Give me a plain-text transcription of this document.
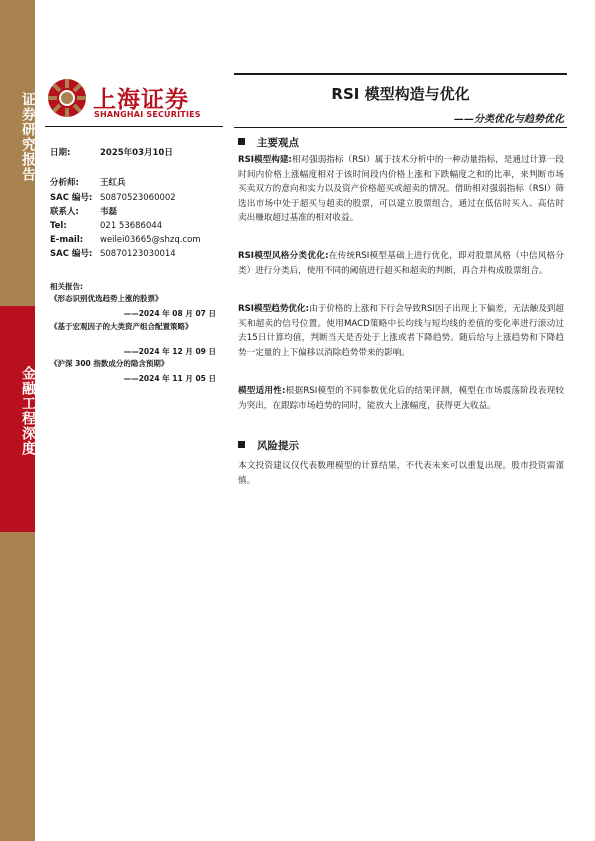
证券研究报告
金融工程深度
上海证券
SHANGHAI SECURITIES
RSI 模型构造与优化
——分类优化与趋势优化
日期:	2025年03月10日
分析师: 王红兵
SAC 编号: S0870523060002
联系人: 韦磊
Tel:	021 53686044
E-mail: weilei03665@shzq.com
SAC 编号: S0870123030014
相关报告:
《形态识别优选趋势上涨的股票》
——2024 年 08 月 07 日
《基于宏观因子的大类资产组合配置策略》
——2024 年 12 月 09 日
《沪深 300 指数成分的隐含预期》
——2024 年 11 月 05 日
主要观点
RSI模型构建:相对强弱指标（RSI）属于技术分析中的一种动量指标，是通过计算一段时间内价格上涨幅度相对于该时间段内价格上涨和下跌幅度之和的比率，来判断市场买卖双方的意向和实力以及资产价格超买或超卖的情况。借助相对强弱指标（RSI）筛选出市场中处于超买与超卖的股票，可以建立股票组合，通过在低估时买入、高估时卖出赚取超过基准的相对收益。
RSI模型风格分类优化:在传统RSI模型基础上进行优化，即对股票风格（中信风格分类）进行分类后，使用不同的阈值进行超买和超卖的判断，再合并构成股票组合。
RSI模型趋势优化:由于价格的上涨和下行会导致RSI因子出现上下偏差，无法触及到超买和超卖的信号位置。使用MACD策略中长均线与短均线的差值的变化率进行滚动过去15日计算均值，判断当天是否处于上涨或者下降趋势。随后给与上涨趋势和下降趋势一定量的上下偏移以消除趋势带来的影响。
模型适用性:根据RSI模型的不同参数优化后的结果评测，模型在市场震荡阶段表现较为突出，在跟踪市场趋势的同时，能放大上涨幅度，获得更大收益。
风险提示
本文投资建议仅代表数理模型的计算结果，不代表未来可以重复出现。股市投资需谨慎。
